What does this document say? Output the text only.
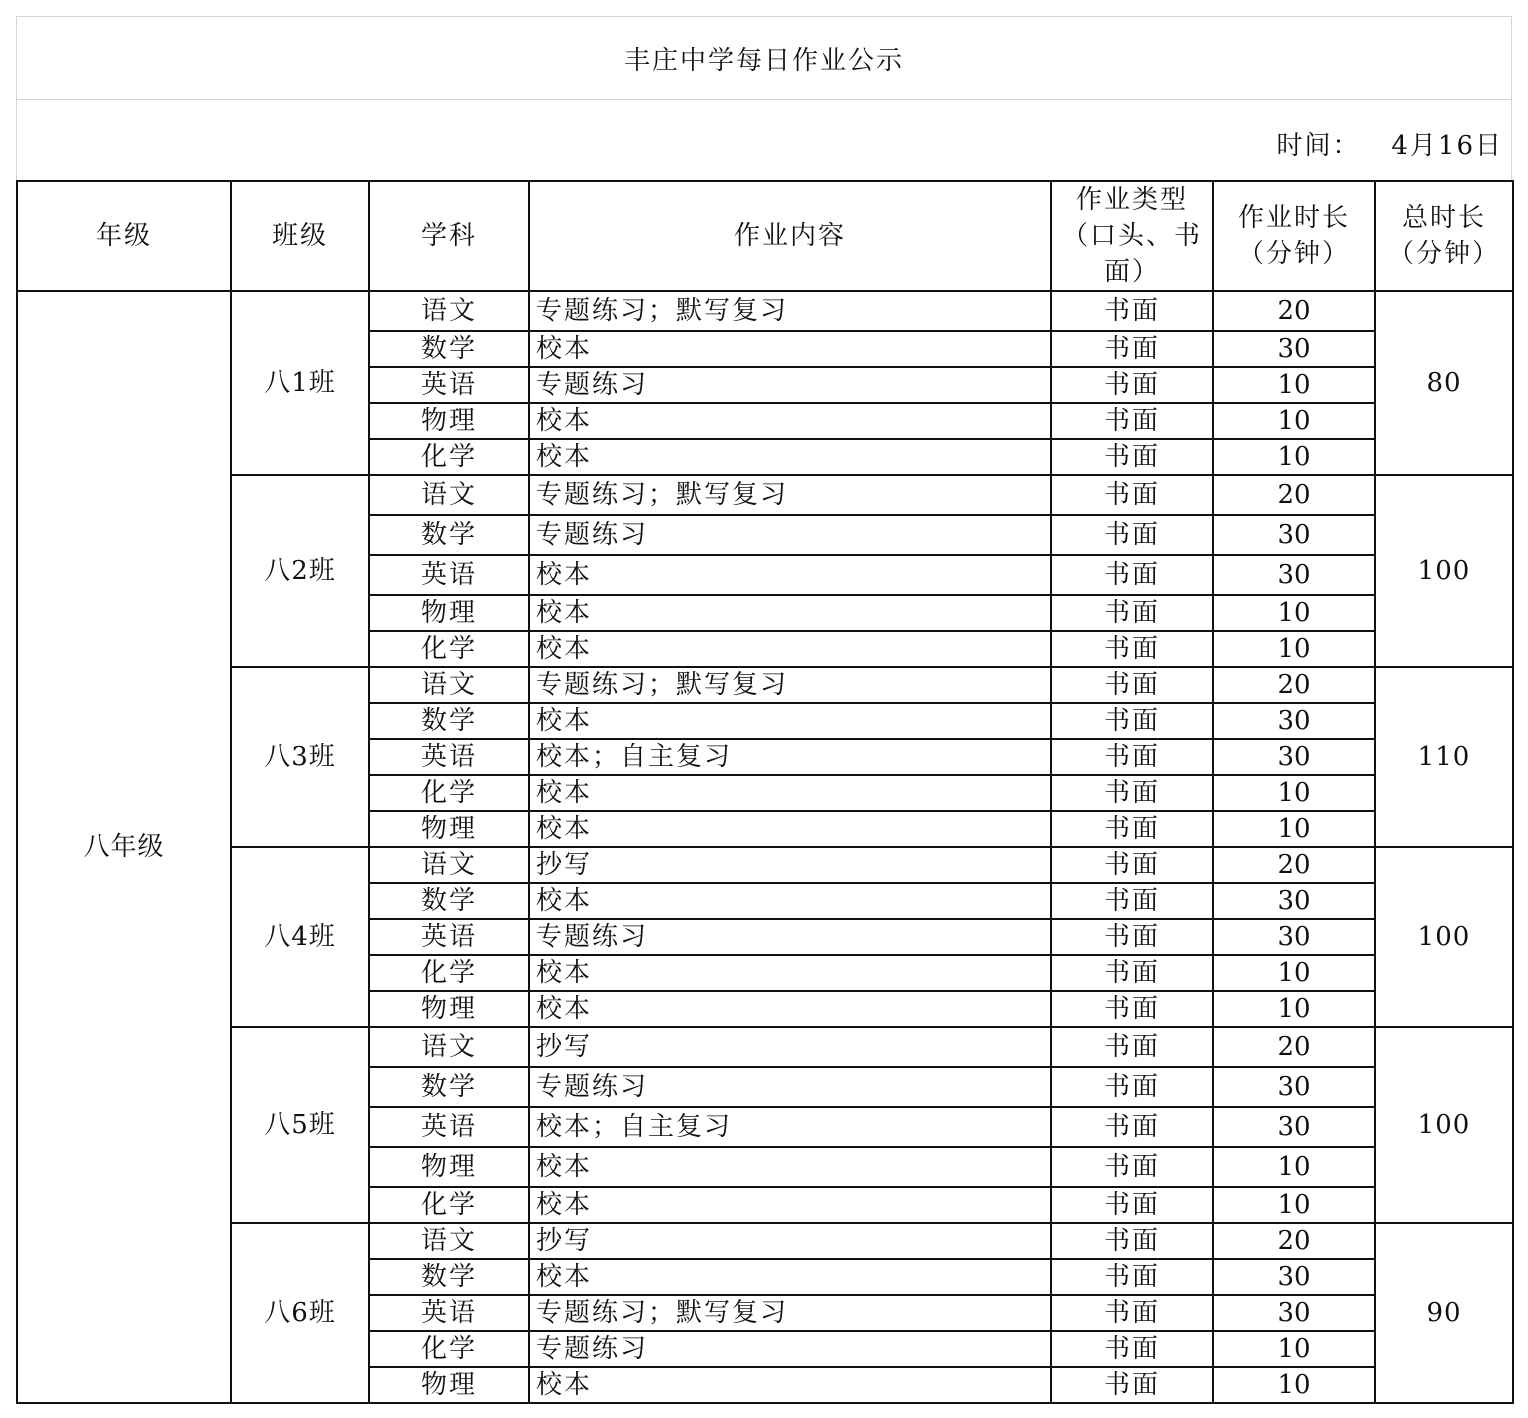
丰庄中学每日作业公示
时间： 4月16日
年级	班级	学科	作业内容	作业类型（口头、书面）	作业时长（分钟）	总时长（分钟）
八年级	八1班	语文	专题练习；默写复习	书面	20	80
		数学	校本	书面	30	
		英语	专题练习	书面	10	
		物理	校本	书面	10	
		化学	校本	书面	10	
	八2班	语文	专题练习；默写复习	书面	20	100
		数学	专题练习	书面	30	
		英语	校本	书面	30	
		物理	校本	书面	10	
		化学	校本	书面	10	
	八3班	语文	专题练习；默写复习	书面	20	110
		数学	校本	书面	30	
		英语	校本；自主复习	书面	30	
		化学	校本	书面	10	
		物理	校本	书面	10	
	八4班	语文	抄写	书面	20	100
		数学	校本	书面	30	
		英语	专题练习	书面	30	
		化学	校本	书面	10	
		物理	校本	书面	10	
	八5班	语文	抄写	书面	20	100
		数学	专题练习	书面	30	
		英语	校本；自主复习	书面	30	
		物理	校本	书面	10	
		化学	校本	书面	10	
	八6班	语文	抄写	书面	20	90
		数学	校本	书面	30	
		英语	专题练习；默写复习	书面	30	
		化学	专题练习	书面	10	
		物理	校本	书面	10	
